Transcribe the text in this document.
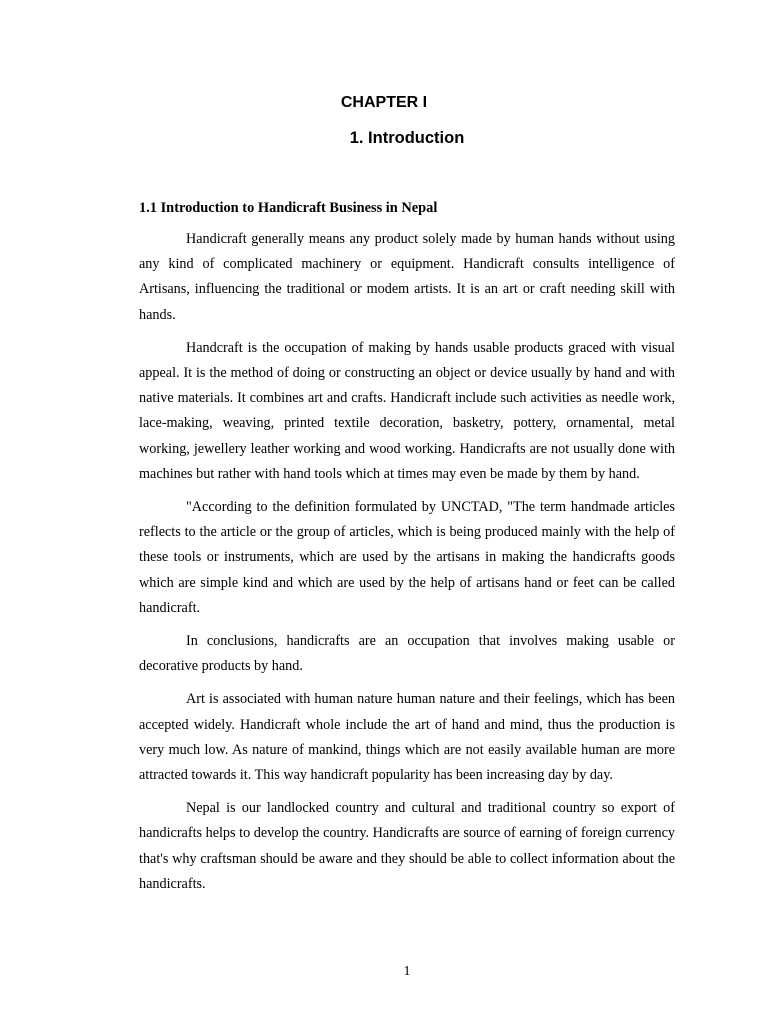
CHAPTER I
1. Introduction
1.1 Introduction to Handicraft Business in Nepal

Handicraft generally means any product solely made by human hands without using any kind of complicated machinery or equipment. Handicraft consults intelligence of Artisans, influencing the traditional or modem artists. It is an art or craft needing skill with hands.

Handcraft is the occupation of making by hands usable products graced with visual appeal. It is the method of doing or constructing an object or device usually by hand and with native materials. It combines art and crafts. Handicraft include such activities as needle work, lace-making, weaving, printed textile decoration, basketry, pottery, ornamental, metal working, jewellery leather working and wood working. Handicrafts are not usually done with machines but rather with hand tools which at times may even be made by them by hand.

"According to the definition formulated by UNCTAD, "The term handmade articles reflects to the article or the group of articles, which is being produced mainly with the help of these tools or instruments, which are used by the artisans in making the handicrafts goods which are simple kind and which are used by the help of artisans hand or feet can be called handicraft.

In conclusions, handicrafts are an occupation that involves making usable or decorative products by hand.

Art is associated with human nature human nature and their feelings, which has been accepted widely. Handicraft whole include the art of hand and mind, thus the production is very much low. As nature of mankind, things which are not easily available human are more attracted towards it. This way handicraft popularity has been increasing day by day.

Nepal is our landlocked country and cultural and traditional country so export of handicrafts helps to develop the country. Handicrafts are source of earning of foreign currency that's why craftsman should be aware and they should be able to collect information about the handicrafts.

1
